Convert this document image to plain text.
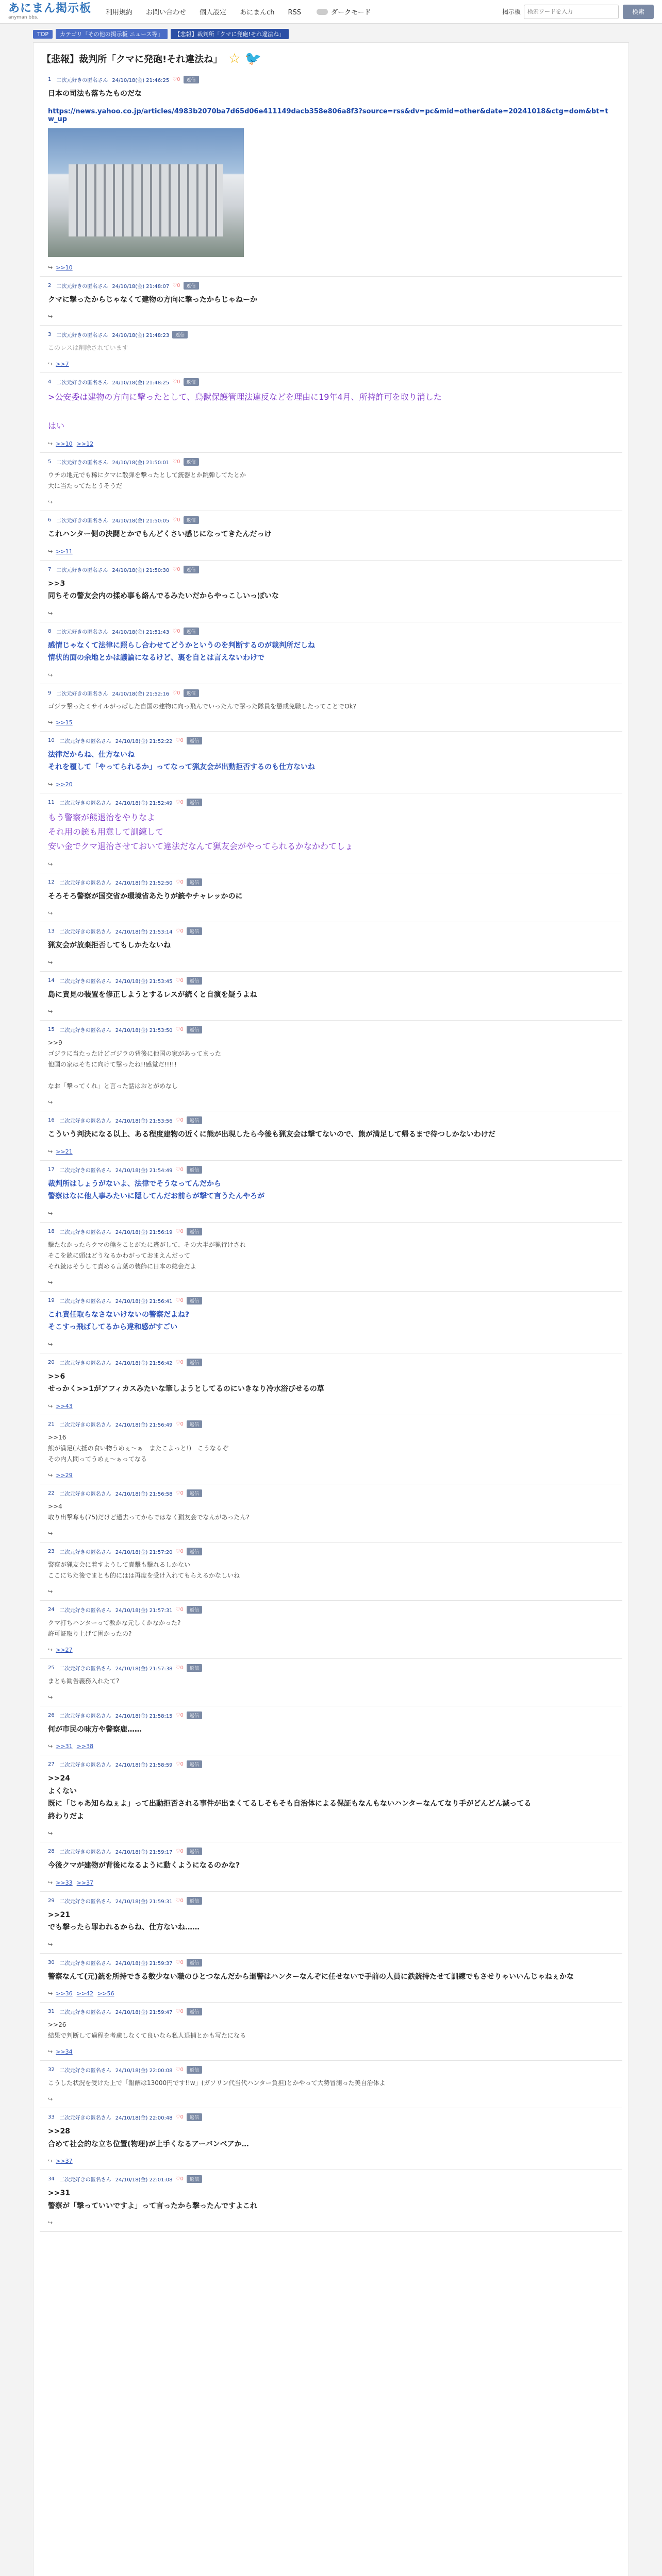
あにまん掲示板
anyman bbs.
利用規約 お問い合わせ 個人設定 あにまんch RSS	ダークモード	掲示板
検索ワードを入力	検索
TOP	カテゴリ「その他の掲示板 ニュース等」	【悲報】裁判所「クマに発砲!それ違法ね」
【悲報】裁判所「クマに発砲!それ違法ね」 ☆ 🐦
1 二次元好きの匿名さん 24/10/18(金) 21:46:25 ♡0	返信
日本の司法も落ちたものだな
https://news.yahoo.co.jp/articles/4983b2070ba7d65d06e411149dacb358e806a8f3?source=rss&dv=pc&mid=other&date=20241018&ctg=dom&bt=tw_up
↪ >>10
2 二次元好きの匿名さん 24/10/18(金) 21:48:07 ♡0	返信
クマに撃ったからじゃなくて建物の方向に撃ったからじゃねーか
↪
3 二次元好きの匿名さん 24/10/18(金) 21:48:23	返信
このレスは削除されています
↪ >>7
4 二次元好きの匿名さん 24/10/18(金) 21:48:25 ♡0	返信
>公安委は建物の方向に撃ったとして、鳥獣保護管理法違反などを理由に19年4月、所持許可を取り消した

はい
↪ >>10 >>12
5 二次元好きの匿名さん 24/10/18(金) 21:50:01 ♡0	返信
ウチの地元でも稀にクマに散弾を撃ったとして銃器とか跳弾してたとか
大に当たってたとうそうだ
↪
6 二次元好きの匿名さん 24/10/18(金) 21:50:05 ♡0	返信
これハンター側の決闘とかでもんどくさい感じになってきたんだっけ
↪ >>11
7 二次元好きの匿名さん 24/10/18(金) 21:50:30 ♡0	返信
>>3
同ちその警友会内の揉め事も絡んでるみたいだからやっこしいっぽいな
↪
8 二次元好きの匿名さん 24/10/18(金) 21:51:43 ♡0	返信
感情じゃなくて法律に照らし合わせてどうかというのを判断するのが裁判所だしね
情状的面の余地とかは議論になるけど、裏を自とは言えないわけで
↪
9 二次元好きの匿名さん 24/10/18(金) 21:52:16 ♡0	返信
ゴジラ撃ったミサイルがっぱした自国の建物に向っ飛んでいったんで撃った隊員を懲戒免職したってことでOk?
↪ >>15
10 二次元好きの匿名さん 24/10/18(金) 21:52:22 ♡0	返信
法律だからね、仕方ないね
それを覆して「やってられるか」ってなって猟友会が出動拒否するのも仕方ないね
↪ >>20
11 二次元好きの匿名さん 24/10/18(金) 21:52:49 ♡0	返信
もう警察が熊退治をやりなよ
それ用の銃も用意して訓練して
安い金でクマ退治させておいて違法だなんて猟友会がやってられるかなかわてしょ
↪
12 二次元好きの匿名さん 24/10/18(金) 21:52:50 ♡0	返信
そろそろ警察が国交省か環境省あたりが銃やチャレッかのに
↪
13 二次元好きの匿名さん 24/10/18(金) 21:53:14 ♡0	返信
猟友会が放棄拒否してもしかたないね
↪
14 二次元好きの匿名さん 24/10/18(金) 21:53:45 ♡0	返信
島に責見の装置を修正しようとするレスが続くと自演を疑うよね
↪
15 二次元好きの匿名さん 24/10/18(金) 21:53:50 ♡0	返信
>>9
ゴジラに当たったけどゴジラの背後に他国の家があってまった
他国の家はそちに向けて撃ったね!!感覚だ!!!!!

なお「撃ってくれ」と言った話はおとがめなし
↪
16 二次元好きの匿名さん 24/10/18(金) 21:53:56 ♡0	返信
こういう判決になる以上、ある程度建物の近くに熊が出現したら今後も猟友会は撃てないので、熊が満足して帰るまで待つしかないわけだ
↪ >>21
17 二次元好きの匿名さん 24/10/18(金) 21:54:49 ♡0	返信
裁判所はしょうがないよ、法律でそうなってんだから
警察はなに他人事みたいに隠してんだお前らが撃て言うたんやろが
↪
18 二次元好きの匿名さん 24/10/18(金) 21:56:19 ♡0	返信
撃たなかったらクマの熊をことがたに逃がして、その大半が猟行けされ
そこを銃に頭はどうなるかわがっておまえんだって
それ銃はそうして責める言葉の装飾に日本の総会だよ
↪
19 二次元好きの匿名さん 24/10/18(金) 21:56:41 ♡0	返信
これ責任取らなさないけないの警察だよね?
そこすっ飛ばしてるから違和感がすごい
↪
20 二次元好きの匿名さん 24/10/18(金) 21:56:42 ♡0	返信
>>6
せっかく>>1がアフィカスみたいな筆しようとしてるのにいきなり冷水浴びせるの草
↪ >>43
21 二次元好きの匿名さん 24/10/18(金) 21:56:49 ♡0	返信
>>16
熊が満足(大抵の食い物うめぇ〜ぁ　またこよっと!)　こうなるぞ
その内人間ってうめぇ〜ぁってなる
↪ >>29
22 二次元好きの匿名さん 24/10/18(金) 21:56:58 ♡0	返信
>>4
取り出撃奪も(75)だけど過去ってからではなく猟友会でなんがあったん?
↪
23 二次元好きの匿名さん 24/10/18(金) 21:57:20 ♡0	返信
警察が猟友会に着すようして責撃も撃れるしかない
ここにちた後でまとも的にはは再度を受け入れてもらえるかなしいね
↪
24 二次元好きの匿名さん 24/10/18(金) 21:57:31 ♡0	返信
クマ打ちハンターって教かな元しくかなかった?
許可証取り上げて困かったの?
↪ >>27
25 二次元好きの匿名さん 24/10/18(金) 21:57:38 ♡0	返信
まとも勧告義務入れたて?
↪
26 二次元好きの匿名さん 24/10/18(金) 21:58:15 ♡0	返信
何が市民の味方や警察鹿……
↪ >>31 >>38
27 二次元好きの匿名さん 24/10/18(金) 21:58:59 ♡0	返信
>>24
よくない
既に「じゃあ知らねぇよ」って出動拒否される事件が出まくてるしそもそも自治体による保証もなんもないハンターなんてなり手がどんどん減ってる
終わりだよ
↪
28 二次元好きの匿名さん 24/10/18(金) 21:59:17 ♡0	返信
今後クマが建物が背後になるように動くようになるのかな?
↪ >>33 >>37
29 二次元好きの匿名さん 24/10/18(金) 21:59:31 ♡0	返信
>>21
でも撃ったら罪われるからね、仕方ないね……
↪
30 二次元好きの匿名さん 24/10/18(金) 21:59:37 ♡0	返信
警察なんて(元)銃を所持できる数少ない職のひとつなんだから退警はハンターなんぞに任せないで手前の人員に鉄銃持たせて訓練でもさせりゃいいんじゃねぇかな
↪ >>36 >>42 >>56
31 二次元好きの匿名さん 24/10/18(金) 21:59:47 ♡0	返信
>>26
結果で判断して過程を考慮しなくて良いなら私人退捕とかも写たになる
↪ >>34
32 二次元好きの匿名さん 24/10/18(金) 22:00:08 ♡0	返信
こうした状況を受けた上で「報酬は13000円です!!w」(ガソリン代当代ハンター負担)とかやって大勢冒測った美自治体よ
↪
33 二次元好きの匿名さん 24/10/18(金) 22:00:48 ♡0	返信
>>28
合めて社会的な立ち位置(物理)が上手くなるアーバンベアか…
↪ >>37
34 二次元好きの匿名さん 24/10/18(金) 22:01:08 ♡0	返信
>>31
警察が「撃っていいですよ」って言ったから撃ったんですよこれ
↪
